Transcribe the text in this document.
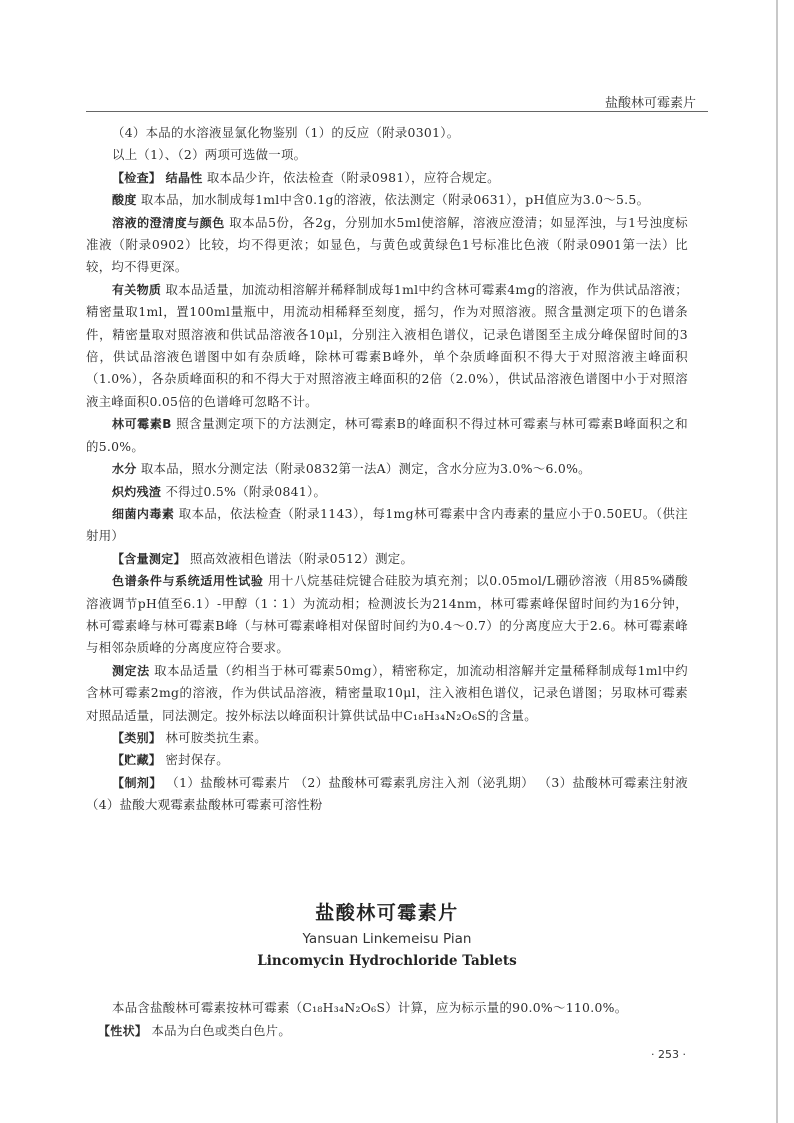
盐酸林可霉素片

（4）本品的水溶液显氯化物鉴别（1）的反应（附录0301）。

以上（1）、（2）两项可选做一项。

【检查】 结晶性 取本品少许，依法检查（附录0981），应符合规定。

酸度 取本品，加水制成每1ml中含0.1g的溶液，依法测定（附录0631），pH值应为3.0～5.5。

溶液的澄清度与颜色 取本品5份，各2g，分别加水5ml使溶解，溶液应澄清；如显浑浊，与1号浊度标准液（附录0902）比较，均不得更浓；如显色，与黄色或黄绿色1号标准比色液（附录0901第一法）比较，均不得更深。

有关物质 取本品适量，加流动相溶解并稀释制成每1ml中约含林可霉素4mg的溶液，作为供试品溶液；精密量取1ml，置100ml量瓶中，用流动相稀释至刻度，摇匀，作为对照溶液。照含量测定项下的色谱条件，精密量取对照溶液和供试品溶液各10μl，分别注入液相色谱仪，记录色谱图至主成分峰保留时间的3倍，供试品溶液色谱图中如有杂质峰，除林可霉素B峰外，单个杂质峰面积不得大于对照溶液主峰面积（1.0%），各杂质峰面积的和不得大于对照溶液主峰面积的2倍（2.0%），供试品溶液色谱图中小于对照溶液主峰面积0.05倍的色谱峰可忽略不计。

林可霉素B 照含量测定项下的方法测定，林可霉素B的峰面积不得过林可霉素与林可霉素B峰面积之和的5.0%。

水分 取本品，照水分测定法（附录0832第一法A）测定，含水分应为3.0%～6.0%。

炽灼残渣 不得过0.5%（附录0841）。

细菌内毒素 取本品，依法检查（附录1143），每1mg林可霉素中含内毒素的量应小于0.50EU。（供注射用）

【含量测定】 照高效液相色谱法（附录0512）测定。

色谱条件与系统适用性试验 用十八烷基硅烷键合硅胶为填充剂；以0.05mol/L硼砂溶液（用85%磷酸溶液调节pH值至6.1）-甲醇（1∶1）为流动相；检测波长为214nm，林可霉素峰保留时间约为16分钟，林可霉素峰与林可霉素B峰（与林可霉素峰相对保留时间约为0.4～0.7）的分离度应大于2.6。林可霉素峰与相邻杂质峰的分离度应符合要求。

测定法 取本品适量（约相当于林可霉素50mg），精密称定，加流动相溶解并定量稀释制成每1ml中约含林可霉素2mg的溶液，作为供试品溶液，精密量取10μl，注入液相色谱仪，记录色谱图；另取林可霉素对照品适量，同法测定。按外标法以峰面积计算供试品中C₁₈H₃₄N₂O₆S的含量。

【类别】 林可胺类抗生素。

【贮藏】 密封保存。

【制剂】 （1）盐酸林可霉素片 （2）盐酸林可霉素乳房注入剂（泌乳期） （3）盐酸林可霉素注射液 （4）盐酸大观霉素盐酸林可霉素可溶性粉

盐酸林可霉素片
Yansuan Linkemeisu Pian
Lincomycin Hydrochloride Tablets

本品含盐酸林可霉素按林可霉素（C₁₈H₃₄N₂O₆S）计算，应为标示量的90.0%～110.0%。

【性状】 本品为白色或类白色片。

· 253 ·
